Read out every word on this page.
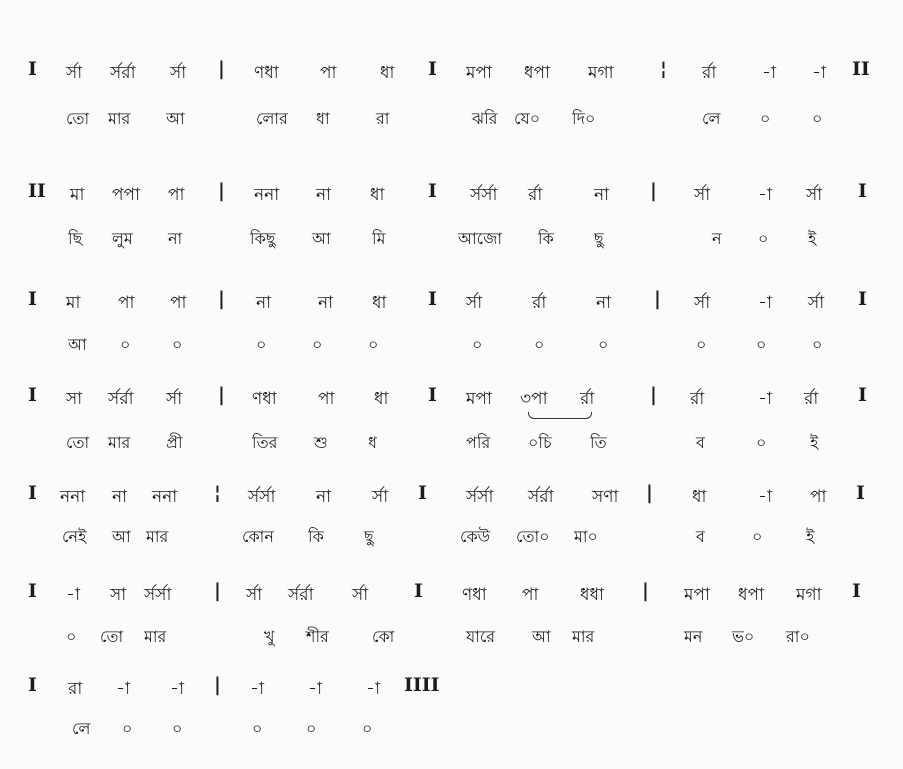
I র্সা র্সর্রা র্সা | ণধা পা	ধা I মপা ধপা মগা ¦ র্রা	-া -া II
তো মার আ	লোর ধা	রা	ঝরি যে০ দি০	লে ০	০
II মা পপা পা | ননা না ধা I র্সর্সা র্রা	না | র্সা	-া র্সা I
ছি লুম না	কিছু আ	মি	আজো কি	ছু	ন ০ ই
I মা পা পা | না	না ধা I র্সা	র্রা	না | র্সা	-া র্সা I
আ ০	০	০	০	০	০	০	০	০	০	০
I সা র্সর্রা র্সা | ণধা পা ধা I মপা ৩পা র্রা	| র্রা	-া র্রা I
তো মার প্রী	তির শু	ধ	পরি ০চি তি	ব	০	ই
I ননা না ননা ¦ র্সর্সা না র্সা I র্সর্সা র্সর্রা সণা | ধা	-া পা I
নেই আ মার	কোন কি	ছু	কেউ তো০ মা০	ব	০	ই
I -া সা র্সর্সা | র্সা র্সর্রা র্সা I ণধা পা ধধা | মপা ধপা মগা I
০ তো মার	খু শীর	কো	যারে আ মার	মন ভ০ রা০
I রা -া -া | -া	-া	-া IIII
লে ০ ০	০	০	০
